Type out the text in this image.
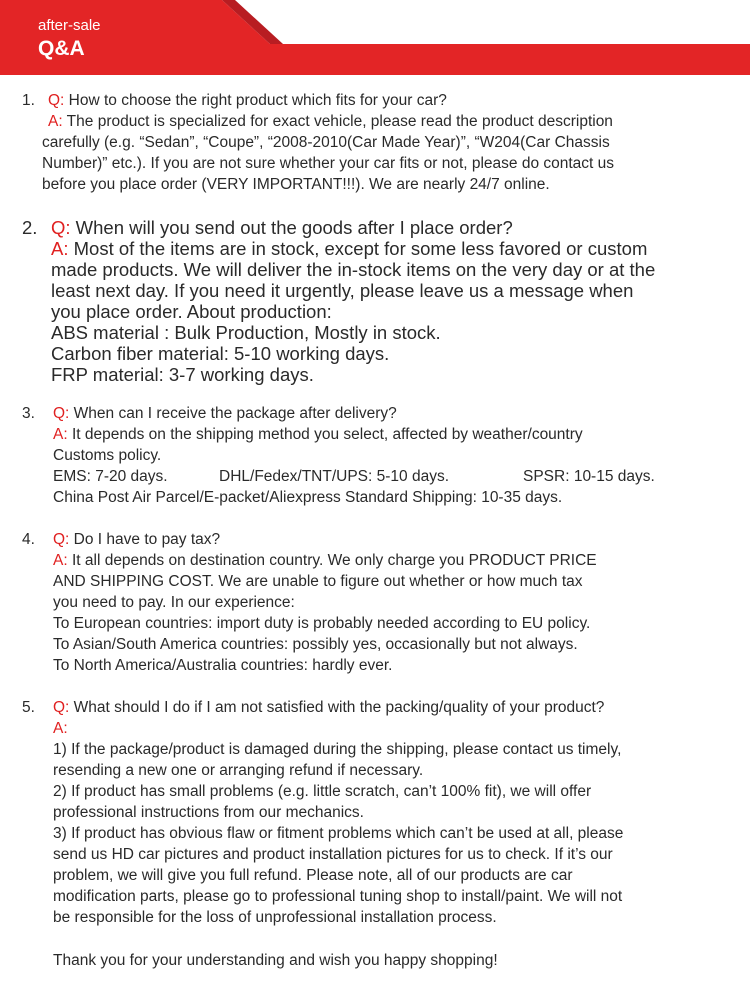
after-sale
Q&A
1. Q: How to choose the right product which fits for your car?
A: The product is specialized for exact vehicle, please read the product description
carefully (e.g. “Sedan”, “Coupe”, “2008-2010(Car Made Year)”, “W204(Car Chassis
Number)” etc.). If you are not sure whether your car fits or not, please do contact us
before you place order (VERY IMPORTANT!!!). We are nearly 24/7 online.
2. Q: When will you send out the goods after I place order?
A: Most of the items are in stock, except for some less favored or custom
made products. We will deliver the in-stock items on the very day or at the
least next day. If you need it urgently, please leave us a message when
you place order. About production:
ABS material : Bulk Production, Mostly in stock.
Carbon fiber material: 5-10 working days.
FRP material: 3-7 working days.
3. Q: When can I receive the package after delivery?
A: It depends on the shipping method you select, affected by weather/country
Customs policy.
EMS: 7-20 days.	DHL/Fedex/TNT/UPS: 5-10 days.	SPSR: 10-15 days.
China Post Air Parcel/E-packet/Aliexpress Standard Shipping: 10-35 days.
4. Q: Do I have to pay tax?
A: It all depends on destination country. We only charge you PRODUCT PRICE
AND SHIPPING COST. We are unable to figure out whether or how much tax
you need to pay. In our experience:
To European countries: import duty is probably needed according to EU policy.
To Asian/South America countries: possibly yes, occasionally but not always.
To North America/Australia countries: hardly ever.
5. Q: What should I do if I am not satisfied with the packing/quality of your product?
A:
1) If the package/product is damaged during the shipping, please contact us timely,
resending a new one or arranging refund if necessary.
2) If product has small problems (e.g. little scratch, can’t 100% fit), we will offer
professional instructions from our mechanics.
3) If product has obvious flaw or fitment problems which can’t be used at all, please
send us HD car pictures and product installation pictures for us to check. If it’s our
problem, we will give you full refund. Please note, all of our products are car
modification parts, please go to professional tuning shop to install/paint. We will not
be responsible for the loss of unprofessional installation process.
Thank you for your understanding and wish you happy shopping!
